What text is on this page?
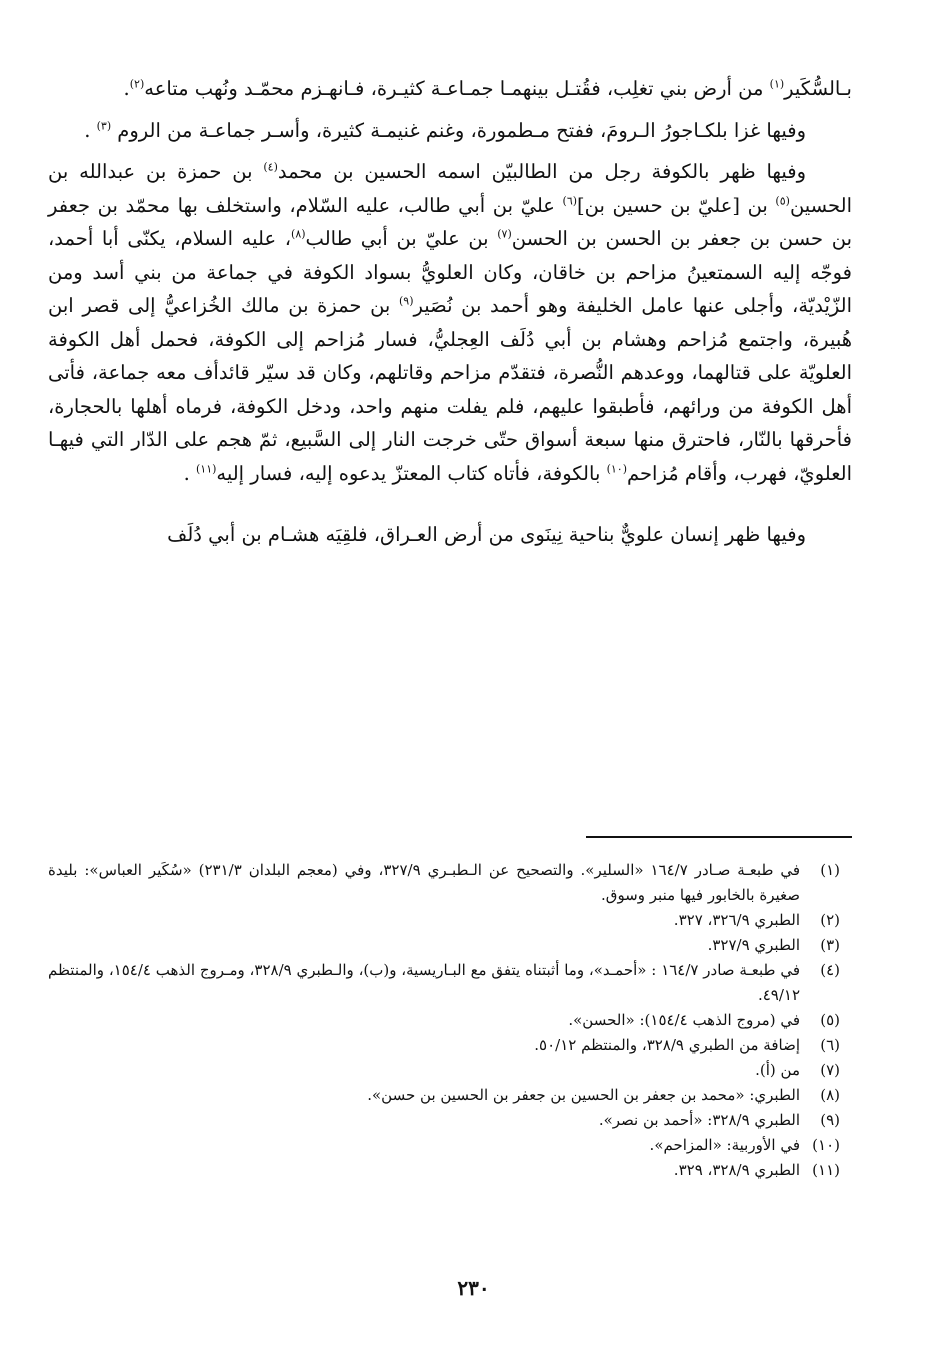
بـالسُّكَير$^{(١)}$ من أرض بني تغلِب، فقُتـل بينهمـا جمـاعـة كثيـرة، فـانهـزم محمّـد ونُهب متاعه$^{(٢)}$.

وفيها غزا بلكـاجورُ الـرومَ، ففتح مـطمورة، وغنم غنيمـة كثيرة، وأسـر جماعـة من الروم $^{(٣)}$ .

وفيها ظهر بالكوفة رجل من الطالبيّن اسمه الحسين بن محمد$^{(٤)}$ بن حمزة بن عبدالله بن الحسين$^{(٥)}$ بن [عليّ بن حسين بن]$^{(٦)}$ عليّ بن أبي طالب، عليه السّلام، واستخلف بها محمّد بن جعفر بن حسن بن جعفر بن الحسن بن الحسن$^{(٧)}$ بن عليّ بن أبي طالب$^{(٨)}$، عليه السلام، يكنّى أبا أحمد، فوجّه إليه السمتعينُ مزاحم بن خاقان، وكان العلويُّ بسواد الكوفة في جماعة من بني أسد ومن الزّيْديّة، وأجلى عنها عامل الخليفة وهو أحمد بن نُصَير$^{(٩)}$ بن حمزة بن مالك الخُزاعيُّ إلى قصر ابن هُبيرة، واجتمع مُزاحم وهشام بن أبي دُلَف العِجليُّ، فسار مُزاحم إلى الكوفة، فحمل أهل الكوفة العلويّة على قتالهما، ووعدهم النُّصرة، فتقدّم مزاحم وقاتلهم، وكان قد سيّر قائدأف معه جماعة، فأتى أهل الكوفة من ورائهم، فأطبقوا عليهم، فلم يفلت منهم واحد، ودخل الكوفة، فرماه أهلها بالحجارة، فأحرقها بالنّار، فاحترق منها سبعة أسواق حتّى خرجت النار إلى السَّبيع، ثمّ هجم على الدّار التي فيهـا العلويّ، فهرب، وأقام مُزاحم$^{(١٠)}$ بالكوفة، فأتاه كتاب المعتزّ يدعوه إليه، فسار إليه$^{(١١)}$ .

وفيها ظهر إنسان علويٌّ بناحية نِينَوى من أرض العـراق، فلقِيَه هشـام بن أبي دُلَف

(١)
في طبعـة صـادر ١٦٤/٧ «السلير». والتصحيح عن الـطبـري ٣٢٧/٩، وفي (معجم البلدان ٢٣١/٣) «سُكَير العباس»: بليدة صغيرة بالخابور فيها منبر وسوق.
(٢)
الطبري ٣٢٦/٩، ٣٢٧.
(٣)
الطبري ٣٢٧/٩.
(٤)
في طبعـة صادر ١٦٤/٧ : «أحمـد»، وما أثبتناه يتفق مع البـاريسية، و(ب)، والـطبري ٣٢٨/٩، ومـروج الذهب ١٥٤/٤، والمنتظم ٤٩/١٢.
(٥)
في (مروج الذهب ١٥٤/٤): «الحسن».
(٦)
إضافة من الطبري ٣٢٨/٩، والمنتظم ٥٠/١٢.
(٧)
من (أ).
(٨)
الطبري: «محمد بن جعفر بن الحسين بن جعفر بن الحسين بن حسن».
(٩)
الطبري ٣٢٨/٩: «أحمد بن نصر».
(١٠)
في الأوربية: «المزاحم».
(١١)
الطبري ٣٢٨/٩، ٣٢٩.
٢٣٠
